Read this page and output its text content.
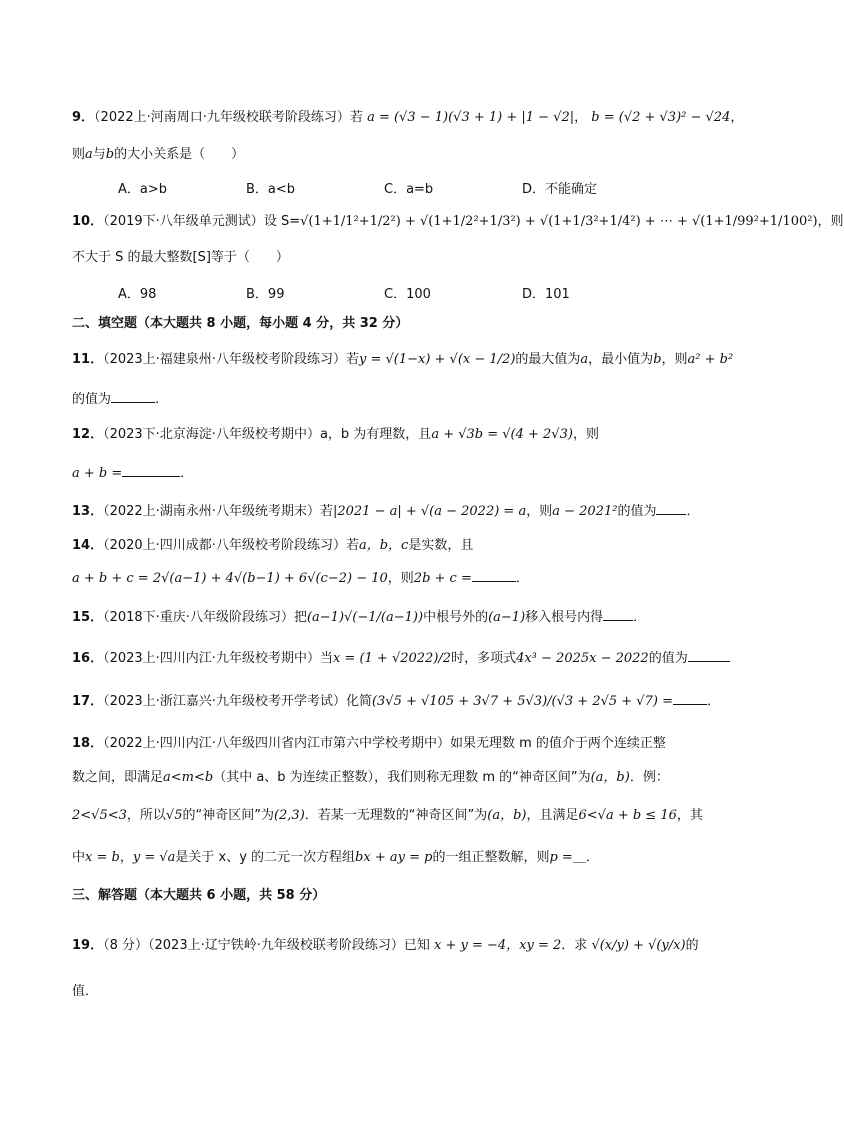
9．（2022上·河南周口·九年级校联考阶段练习）若 a = (√3 − 1)(√3 + 1) + |1 − √2|， b = (√2 + √3)² − √24，
则a与b的大小关系是（　　）
A．a>b	B．a<b	C．a=b	D．不能确定
10．（2019下·八年级单元测试）设 S=√(1+1/1²+1/2²) + √(1+1/2²+1/3²) + √(1+1/3²+1/4²) + ⋯ + √(1+1/99²+1/100²)，则
不大于 S 的最大整数[S]等于（　　）
A．98	B．99	C．100	D．101
二、填空题（本大题共 8 小题，每小题 4 分，共 32 分）
11．（2023上·福建泉州·八年级校考阶段练习）若y = √(1−x) + √(x − 1/2)的最大值为a，最小值为b，则a² + b²
的值为	.
12．（2023下·北京海淀·八年级校考期中）a，b 为有理数，且a + √3b = √(4 + 2√3)，则
a + b =	．
13．（2022上·湖南永州·八年级统考期末）若|2021 − a| + √(a − 2022) = a，则a − 2021²的值为 ．
14．（2020上·四川成都·八年级校考阶段练习）若a，b，c是实数，且
a + b + c = 2√(a−1) + 4√(b−1) + 6√(c−2) − 10，则2b + c =	．
15．（2018下·重庆·八年级阶段练习）把(a−1)√(−1/(a−1))中根号外的(a−1)移入根号内得 ．
16．（2023上·四川内江·九年级校考期中）当x = (1 + √2022)/2时，多项式4x³ − 2025x − 2022的值为
17．（2023上·浙江嘉兴·九年级校考开学考试）化简(3√5 + √105 + 3√7 + 5√3)/(√3 + 2√5 + √7) =	．
18．（2022上·四川内江·八年级四川省内江市第六中学校考期中）如果无理数 m 的值介于两个连续正整
数之间，即满足a<m<b（其中 a、b 为连续正整数），我们则称无理数 m 的“神奇区间”为(a，b)．例：
2<√5<3，所以√5的“神奇区间”为(2,3)．若某一无理数的“神奇区间”为(a，b)，且满足6<√a + b ≤ 16，其
中x = b，y = √a是关于 x、y 的二元一次方程组bx + ay = p的一组正整数解，则p =＿．
三、解答题（本大题共 6 小题，共 58 分）
19．（8 分）（2023上·辽宁铁岭·九年级校联考阶段练习）已知 x + y = −4，xy = 2．求 √(x/y) + √(y/x)的
值．
